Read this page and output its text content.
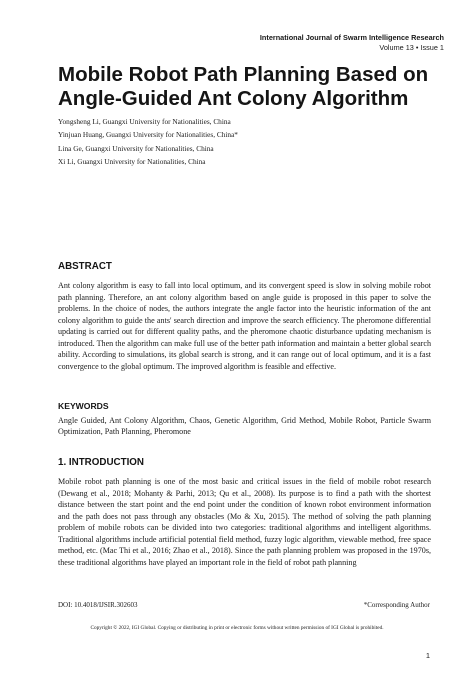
International Journal of Swarm Intelligence Research
Volume 13 • Issue 1
Mobile Robot Path Planning Based on Angle-Guided Ant Colony Algorithm
Yongsheng Li, Guangxi University for Nationalities, China
Yinjuan Huang, Guangxi University for Nationalities, China*
Lina Ge, Guangxi University for Nationalities, China
Xi Li, Guangxi University for Nationalities, China
ABSTRACT

Ant colony algorithm is easy to fall into local optimum, and its convergent speed is slow in solving mobile robot path planning. Therefore, an ant colony algorithm based on angle guide is proposed in this paper to solve the problems. In the choice of nodes, the authors integrate the angle factor into the heuristic information of the ant colony algorithm to guide the ants' search direction and improve the search efficiency. The pheromone differential updating is carried out for different quality paths, and the pheromone chaotic disturbance updating mechanism is introduced. Then the algorithm can make full use of the better path information and maintain a better global search ability. According to simulations, its global search is strong, and it can range out of local optimum, and it is a fast convergence to the global optimum. The improved algorithm is feasible and effective.

KEYWORDS

Angle Guided, Ant Colony Algorithm, Chaos, Genetic Algorithm, Grid Method, Mobile Robot, Particle Swarm Optimization, Path Planning, Pheromone

1. INTRODUCTION

Mobile robot path planning is one of the most basic and critical issues in the field of mobile robot research (Dewang et al., 2018; Mohanty & Parhi, 2013; Qu et al., 2008). Its purpose is to find a path with the shortest distance between the start point and the end point under the condition of known robot environment information and the path does not pass through any obstacles (Mo & Xu, 2015). The method of solving the path planning problem of mobile robots can be divided into two categories: traditional algorithms and intelligent algorithms. Traditional algorithms include artificial potential field method, fuzzy logic algorithm, viewable method, free space method, etc. (Mac Thi et al., 2016; Zhao et al., 2018). Since the path planning problem was proposed in the 1970s, these traditional algorithms have played an important role in the field of robot path planning

DOI: 10.4018/IJSIR.302603	*Corresponding Author
Copyright © 2022, IGI Global. Copying or distributing in print or electronic forms without written permission of IGI Global is prohibited.
1
